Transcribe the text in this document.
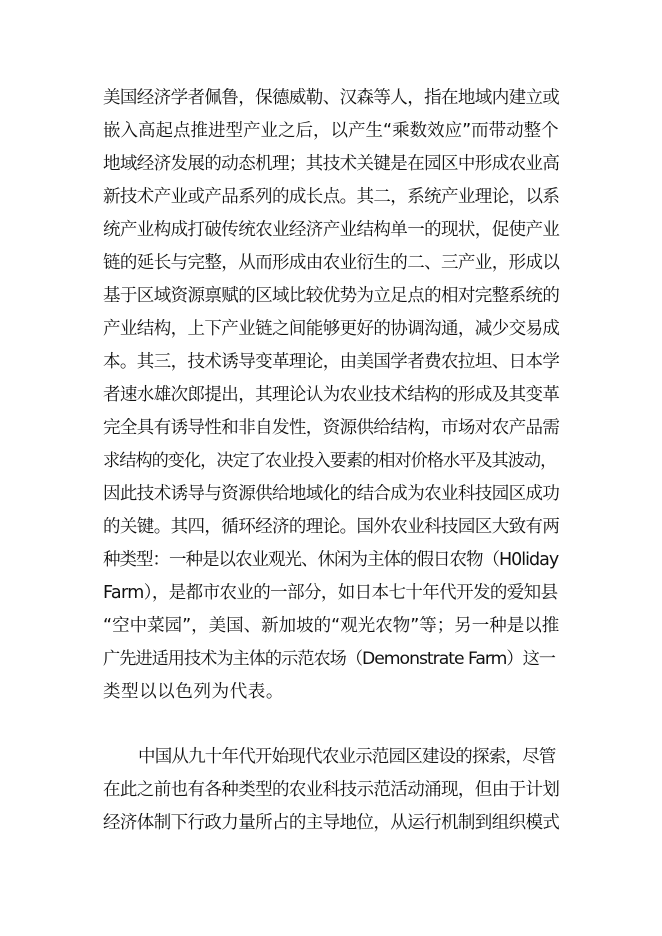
美国经济学者佩鲁，保德威勒、汉森等人，指在地域内建立或
嵌入高起点推进型产业之后，以产生“乘数效应”而带动整个
地域经济发展的动态机理；其技术关键是在园区中形成农业高
新技术产业或产品系列的成长点。其二，系统产业理论，以系
统产业构成打破传统农业经济产业结构单一的现状，促使产业
链的延长与完整，从而形成由农业衍生的二、三产业，形成以
基于区域资源禀赋的区域比较优势为立足点的相对完整系统的
产业结构，上下产业链之间能够更好的协调沟通，减少交易成
本。其三，技术诱导变革理论，由美国学者费农拉坦、日本学
者速水雄次郎提出，其理论认为农业技术结构的形成及其变革
完全具有诱导性和非自发性，资源供给结构，市场对农产品需
求结构的变化，决定了农业投入要素的相对价格水平及其波动，
因此技术诱导与资源供给地域化的结合成为农业科技园区成功
的关键。其四，循环经济的理论。国外农业科技园区大致有两
种类型：一种是以农业观光、休闲为主体的假日农物（H0liday
Farm），是都市农业的一部分，如日本七十年代开发的爱知县
“空中菜园”，美国、新加坡的“观光农物”等；另一种是以推
广先进适用技术为主体的示范农场（Demonstrate Farm）这一
类型以以色列为代表。
中国从九十年代开始现代农业示范园区建设的探索，尽管
在此之前也有各种类型的农业科技示范活动涌现，但由于计划
经济体制下行政力量所占的主导地位，从运行机制到组织模式
